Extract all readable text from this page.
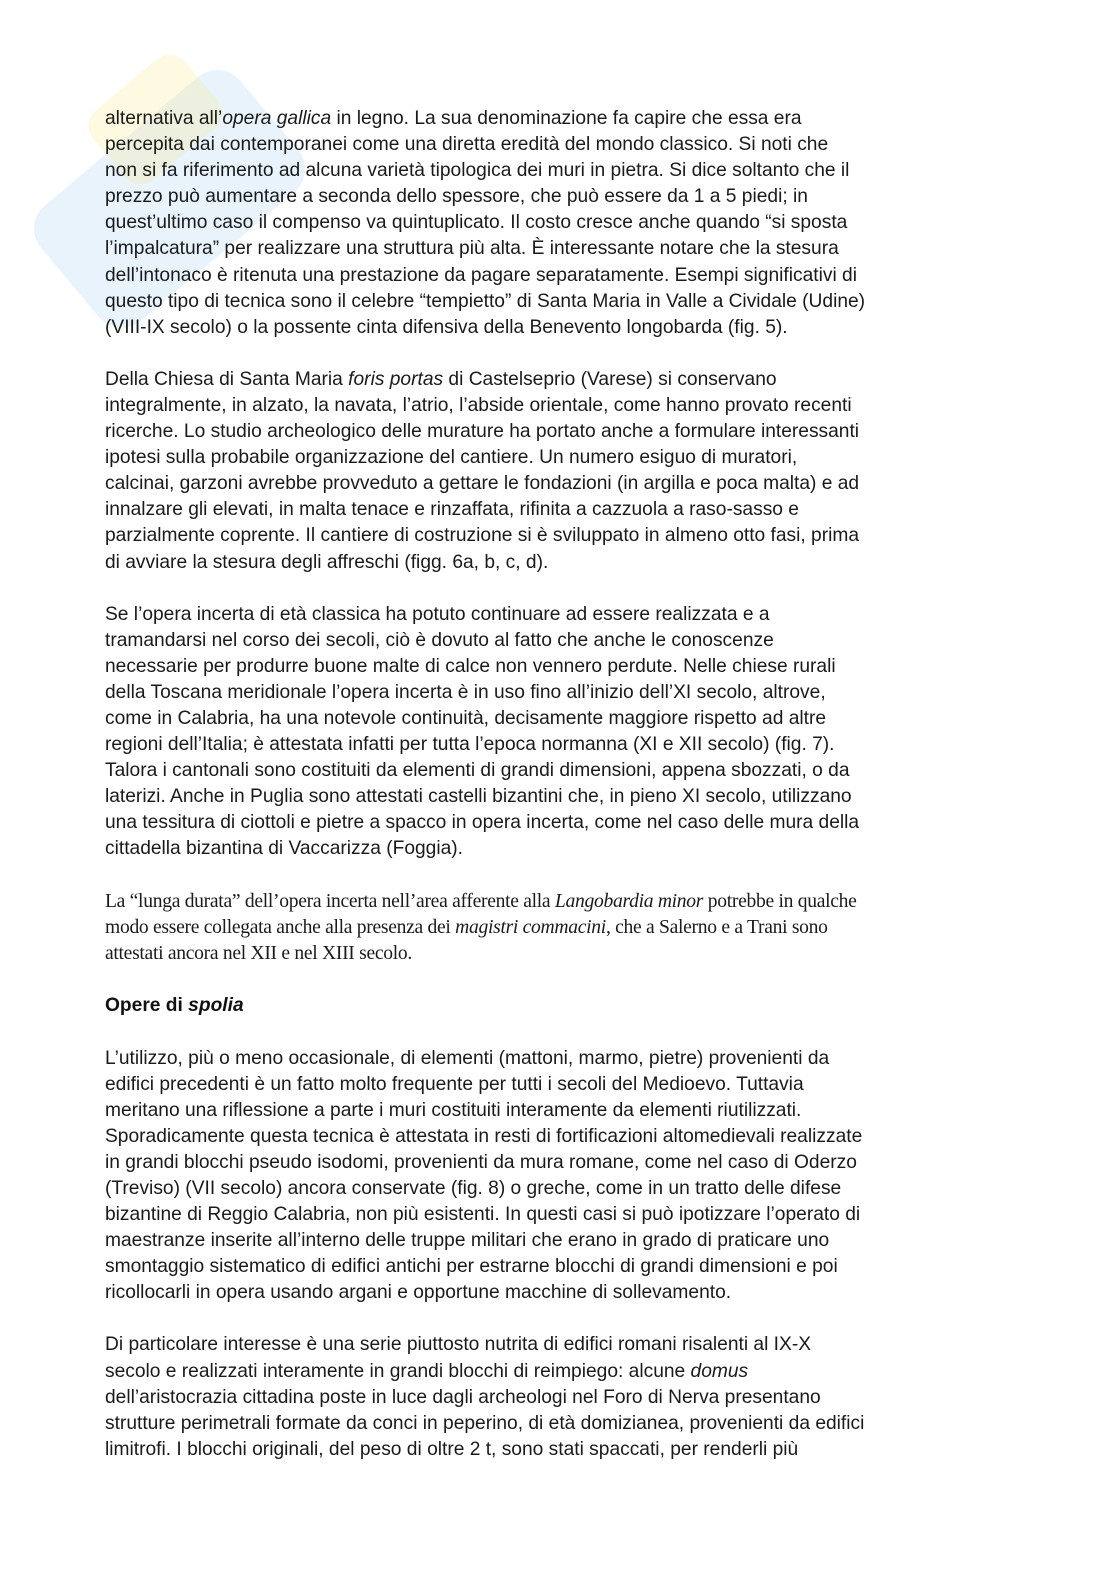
alternativa all’opera gallica in legno. La sua denominazione fa capire che essa era
percepita dai contemporanei come una diretta eredità del mondo classico. Si noti che
non si fa riferimento ad alcuna varietà tipologica dei muri in pietra. Si dice soltanto che il
prezzo può aumentare a seconda dello spessore, che può essere da 1 a 5 piedi; in
quest’ultimo caso il compenso va quintuplicato. Il costo cresce anche quando “si sposta
l’impalcatura” per realizzare una struttura più alta. È interessante notare che la stesura
dell’intonaco è ritenuta una prestazione da pagare separatamente. Esempi significativi di
questo tipo di tecnica sono il celebre “tempietto” di Santa Maria in Valle a Cividale (Udine)
(VIII-IX secolo) o la possente cinta difensiva della Benevento longobarda (fig. 5).
Della Chiesa di Santa Maria foris portas di Castelseprio (Varese) si conservano
integralmente, in alzato, la navata, l’atrio, l’abside orientale, come hanno provato recenti
ricerche. Lo studio archeologico delle murature ha portato anche a formulare interessanti
ipotesi sulla probabile organizzazione del cantiere. Un numero esiguo di muratori,
calcinai, garzoni avrebbe provveduto a gettare le fondazioni (in argilla e poca malta) e ad
innalzare gli elevati, in malta tenace e rinzaffata, rifinita a cazzuola a raso-sasso e
parzialmente coprente. Il cantiere di costruzione si è sviluppato in almeno otto fasi, prima
di avviare la stesura degli affreschi (figg. 6a, b, c, d).
Se l’opera incerta di età classica ha potuto continuare ad essere realizzata e a
tramandarsi nel corso dei secoli, ciò è dovuto al fatto che anche le conoscenze
necessarie per produrre buone malte di calce non vennero perdute. Nelle chiese rurali
della Toscana meridionale l’opera incerta è in uso fino all’inizio dell’XI secolo, altrove,
come in Calabria, ha una notevole continuità, decisamente maggiore rispetto ad altre
regioni dell’Italia; è attestata infatti per tutta l’epoca normanna (XI e XII secolo) (fig. 7).
Talora i cantonali sono costituiti da elementi di grandi dimensioni, appena sbozzati, o da
laterizi. Anche in Puglia sono attestati castelli bizantini che, in pieno XI secolo, utilizzano
una tessitura di ciottoli e pietre a spacco in opera incerta, come nel caso delle mura della
cittadella bizantina di Vaccarizza (Foggia).
La “lunga durata” dell’opera incerta nell’area afferente alla Langobardia minor potrebbe in qualche
modo essere collegata anche alla presenza dei magistri commacini, che a Salerno e a Trani sono
attestati ancora nel XII e nel XIII secolo.
Opere di spolia
L’utilizzo, più o meno occasionale, di elementi (mattoni, marmo, pietre) provenienti da
edifici precedenti è un fatto molto frequente per tutti i secoli del Medioevo. Tuttavia
meritano una riflessione a parte i muri costituiti interamente da elementi riutilizzati.
Sporadicamente questa tecnica è attestata in resti di fortificazioni altomedievali realizzate
in grandi blocchi pseudo isodomi, provenienti da mura romane, come nel caso di Oderzo
(Treviso) (VII secolo) ancora conservate (fig. 8) o greche, come in un tratto delle difese
bizantine di Reggio Calabria, non più esistenti. In questi casi si può ipotizzare l’operato di
maestranze inserite all’interno delle truppe militari che erano in grado di praticare uno
smontaggio sistematico di edifici antichi per estrarne blocchi di grandi dimensioni e poi
ricollocarli in opera usando argani e opportune macchine di sollevamento.
Di particolare interesse è una serie piuttosto nutrita di edifici romani risalenti al IX-X
secolo e realizzati interamente in grandi blocchi di reimpiego: alcune domus
dell’aristocrazia cittadina poste in luce dagli archeologi nel Foro di Nerva presentano
strutture perimetrali formate da conci in peperino, di età domizianea, provenienti da edifici
limitrofi. I blocchi originali, del peso di oltre 2 t, sono stati spaccati, per renderli più
